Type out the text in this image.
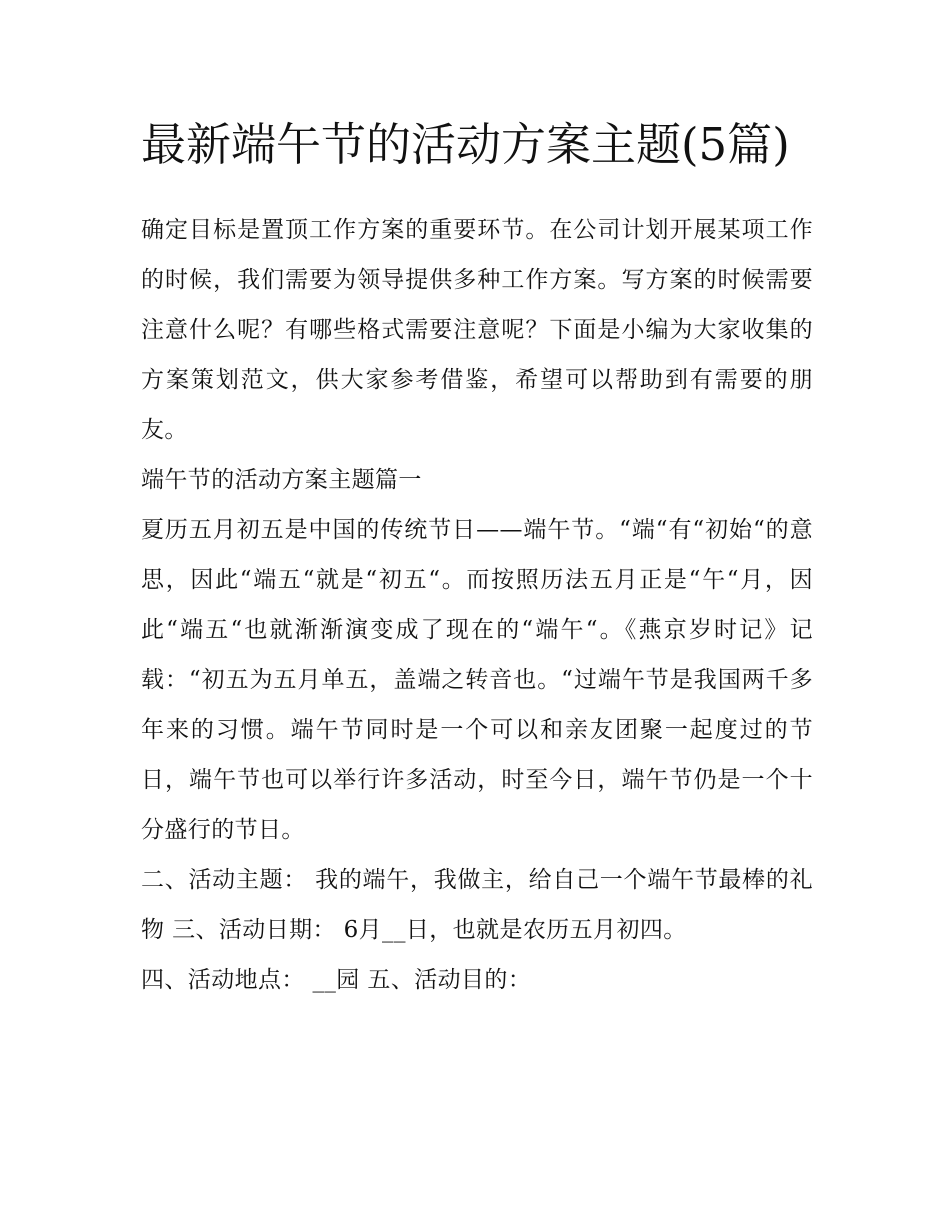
最新端午节的活动方案主题(5篇)

确定目标是置顶工作方案的重要环节。在公司计划开展某项工作的时候，我们需要为领导提供多种工作方案。写方案的时候需要注意什么呢？有哪些格式需要注意呢？下面是小编为大家收集的方案策划范文，供大家参考借鉴，希望可以帮助到有需要的朋友。

端午节的活动方案主题篇一

夏历五月初五是中国的传统节日——端午节。“端“有“初始“的意思，因此“端五“就是“初五“。而按照历法五月正是“午“月，因此“端五“也就渐渐演变成了现在的“端午“。《燕京岁时记》记载：“初五为五月单五，盖端之转音也。“过端午节是我国两千多年来的习惯。端午节同时是一个可以和亲友团聚一起度过的节日，端午节也可以举行许多活动，时至今日，端午节仍是一个十分盛行的节日。

二、活动主题： 我的端午，我做主，给自己一个端午节最棒的礼物 三、活动日期： 6月__日，也就是农历五月初四。

四、活动地点： __园 五、活动目的：
